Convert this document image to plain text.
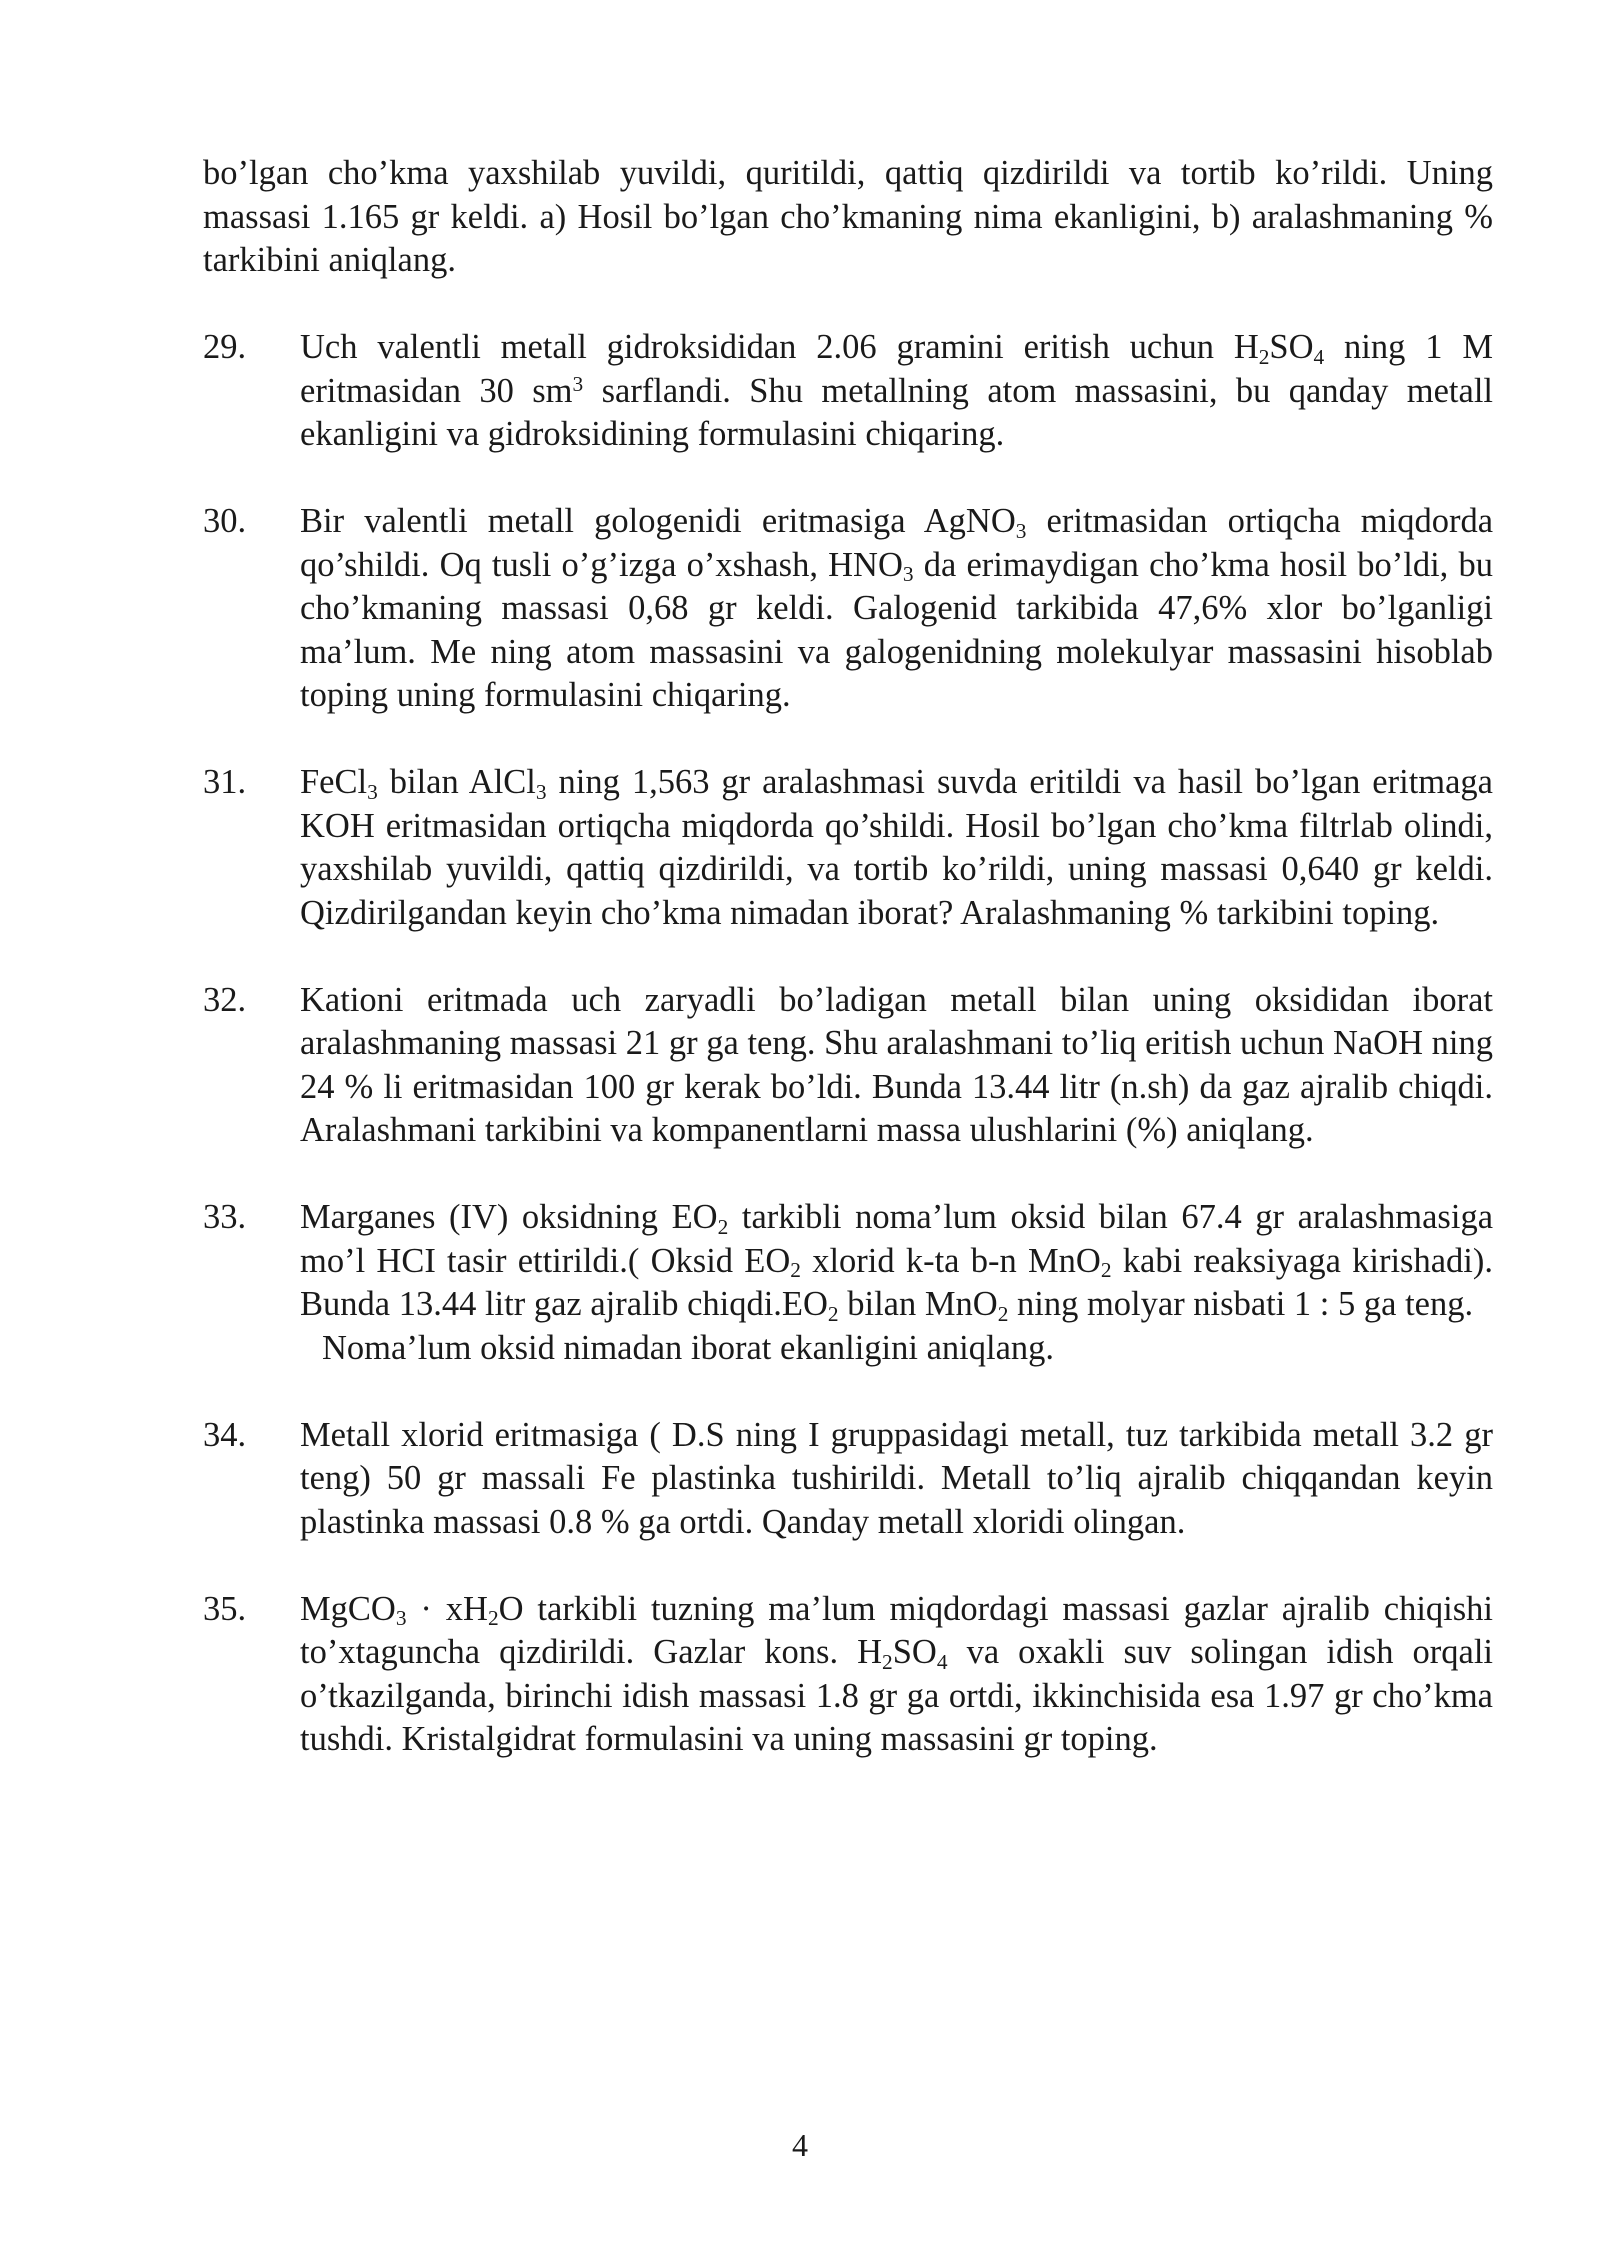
bo’lgan cho’kma yaxshilab yuvildi, quritildi, qattiq qizdirildi va tortib ko’rildi. Uning massasi 1.165 gr keldi. a) Hosil bo’lgan cho’kmaning nima ekanligini, b) aralashmaning % tarkibini aniqlang.

29. Uch valentli metall gidroksididan 2.06 gramini eritish uchun $H_2SO_4$ ning 1 M eritmasidan 30 $sm^3$ sarflandi. Shu metallning atom massasini, bu qanday metall ekanligini va gidroksidining formulasini chiqaring.
30. Bir valentli metall gologenidi eritmasiga AgNO$_3$ eritmasidan ortiqcha miqdorda qo’shildi. Oq tusli o’g’izga o’xshash, $HNO_3$ da erimaydigan cho’kma hosil bo’ldi, bu cho’kmaning massasi 0,68 gr keldi. Galogenid tarkibida 47,6% xlor bo’lganligi ma’lum. Me ning atom massasini va galogenidning molekulyar massasini hisoblab toping uning formulasini chiqaring.
31. FeCl$_3$ bilan AlCl$_3$ ning 1,563 gr aralashmasi suvda eritildi va hasil bo’lgan eritmaga KOH eritmasidan ortiqcha miqdorda qo’shildi. Hosil bo’lgan cho’kma filtrlab olindi, yaxshilab yuvildi, qattiq qizdirildi, va tortib ko’rildi, uning massasi 0,640 gr keldi. Qizdirilgandan keyin cho’kma nimadan iborat? Aralashmaning % tarkibini toping.
32. Kationi eritmada uch zaryadli bo’ladigan metall bilan uning oksididan iborat aralashmaning massasi 21 gr ga teng. Shu aralashmani to’liq eritish uchun NaOH ning 24 % li eritmasidan 100 gr kerak bo’ldi. Bunda 13.44 litr (n.sh) da gaz ajralib chiqdi. Aralashmani tarkibini va kompanentlarni massa ulushlarini (%) aniqlang.
33. Marganes (IV) oksidning $EO_2$ tarkibli noma’lum oksid bilan 67.4 gr aralashmasiga mo’l HCI tasir ettirildi.( Oksid $EO_2$ xlorid k-ta b-n MnO$_2$ kabi reaksiyaga kirishadi). Bunda 13.44 litr gaz ajralib $chiqdi.EO_2$ bilan MnO$_2$ ning molyar nisbati 1 : 5 ga teng.
Noma’lum oksid nimadan iborat ekanligini aniqlang.
34. Metall xlorid eritmasiga ( D.S ning I gruppasidagi metall, tuz tarkibida metall 3.2 gr teng) 50 gr massali Fe plastinka tushirildi. Metall to’liq ajralib chiqqandan keyin plastinka massasi 0.8 % ga ortdi. Qanday metall xloridi olingan.
35. MgCO$_3$ · $xH_2O$ tarkibli tuzning ma’lum miqdordagi massasi gazlar ajralib chiqishi to’xtaguncha qizdirildi. Gazlar kons. $H_2SO_4$ va oxakli suv solingan idish orqali o’tkazilganda, birinchi idish massasi 1.8 gr ga ortdi, ikkinchisida esa 1.97 gr cho’kma tushdi. Kristalgidrat formulasini va uning massasini gr toping.
4
